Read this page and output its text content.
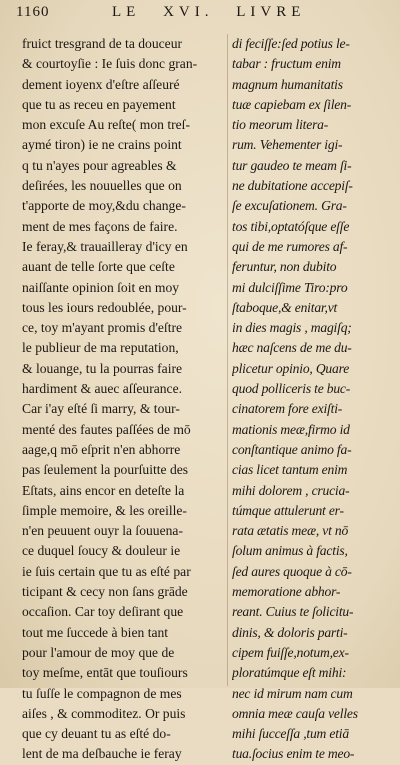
1160	LE XVI. LIVRE
fruict tresgrand de ta douceur
& courtoyſie : Ie ſuis donc gran-
dement ioyenx d'eſtre aſſeuré
que tu as receu en payement
mon excuſe Au reſte( mon treſ-
aymé tiron) ie ne crains point
q tu n'ayes pour agreables &
deſirées, les nouuelles que on
t'apporte de moy,&du change-
ment de mes façons de faire.
Ie feray,& trauailleray d'icy en
auant de telle ſorte que ceſte
naiſſante opinion ſoit en moy
tous les iours redoublée, pour-
ce, toy m'ayant promis d'eſtre
le publieur de ma reputation,
& louange, tu la pourras faire
hardiment & auec aſſeurance.
Car i'ay eſté ſi marry, & tour-
menté des fautes paſſées de mō
aage,q mō eſprit n'en abhorre
pas ſeulement la pourſuitte des
Eſtats, ains encor en deteſte la
ſimple memoire, & les oreille-
n'en peuuent ouyr la ſouuena-
ce duquel ſoucy & douleur ie
ie ſuis certain que tu as eſté par
ticipant & cecy non ſans grāde
occaſion. Car toy deſirant que
tout me ſuccede à bien tant
pour l'amour de moy que de
toy meſme, entāt que touſiours
tu ſuſſe le compagnon de mes
aiſes , & commoditez. Or puis
que cy deuant tu as eſté do-
lent de ma deſbauche ie feray
di feciſſe:ſed potius le-
tabar : fructum enim
magnum humanitatis
tuæ capiebam ex ſilen-
tio meorum litera-
rum. Vehementer igi-
tur gaudeo te meam ſi-
ne dubitatione accepiſ-
ſe excuſationem. Gra-
tos tibi,optatóſque eſſe
qui de me rumores af-
feruntur, non dubito
mi dulciſſime Tiro:pro
ſtaboque,& enitar,vt
in dies magis , magiſq;
hæc naſcens de me du-
plicetur opinio, Quare
quod polliceris te buc-
cinatorem fore exiſti-
mationis meæ,firmo id
conſtantique animo fa-
cias licet tantum enim
mihi dolorem , crucia-
túmque attulerunt er-
rata ætatis meæ, vt nō
ſolum animus à factis,
ſed aures quoque à cō-
memoratione abhor-
reant. Cuius te ſolicitu-
dinis, & doloris parti-
cipem fuiſſe,notum,ex-
ploratúmque eſt mihi:
nec id mirum nam cum
omnia meæ cauſa velles
mihi ſucceſſa ,tum etiā
tua.ſocius enim te meo-
